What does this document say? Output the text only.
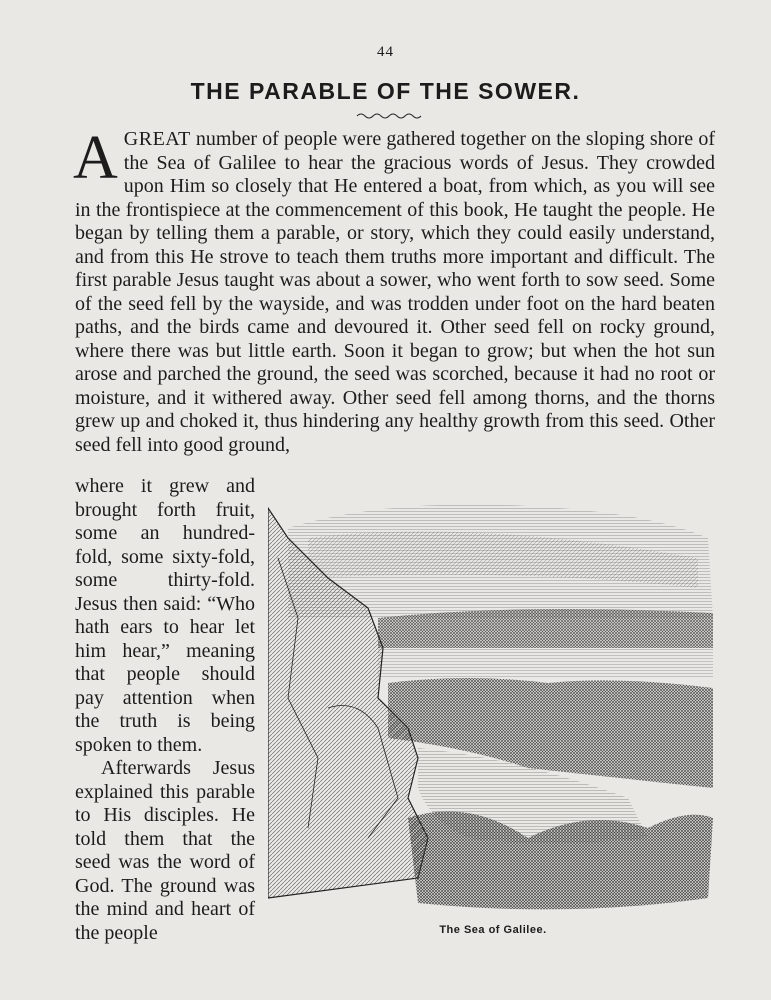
44
THE PARABLE OF THE SOWER.
A GREAT number of people were gathered together on the sloping shore of the Sea of Galilee to hear the gracious words of Jesus. They crowded upon Him so closely that He entered a boat, from which, as you will see in the frontispiece at the commencement of this book, He taught the people. He began by telling them a parable, or story, which they could easily understand, and from this He strove to teach them truths more important and difficult. The first parable Jesus taught was about a sower, who went forth to sow seed. Some of the seed fell by the wayside, and was trodden under foot on the hard beaten paths, and the birds came and devoured it. Other seed fell on rocky ground, where there was but little earth. Soon it began to grow; but when the hot sun arose and parched the ground, the seed was scorched, because it had no root or moisture, and it withered away. Other seed fell among thorns, and the thorns grew up and choked it, thus hindering any healthy growth from this seed. Other seed fell into good ground,

where it grew and brought forth fruit, some an hundred-fold, some sixty-fold, some thirty-fold. Jesus then said: “Who hath ears to hear let him hear,” meaning that people should pay attention when the truth is being spoken to them.

Afterwards Jesus explained this parable to His disciples. He told them that the seed was the word of God. The ground was the mind and heart of the people	The Sea of Galilee.
